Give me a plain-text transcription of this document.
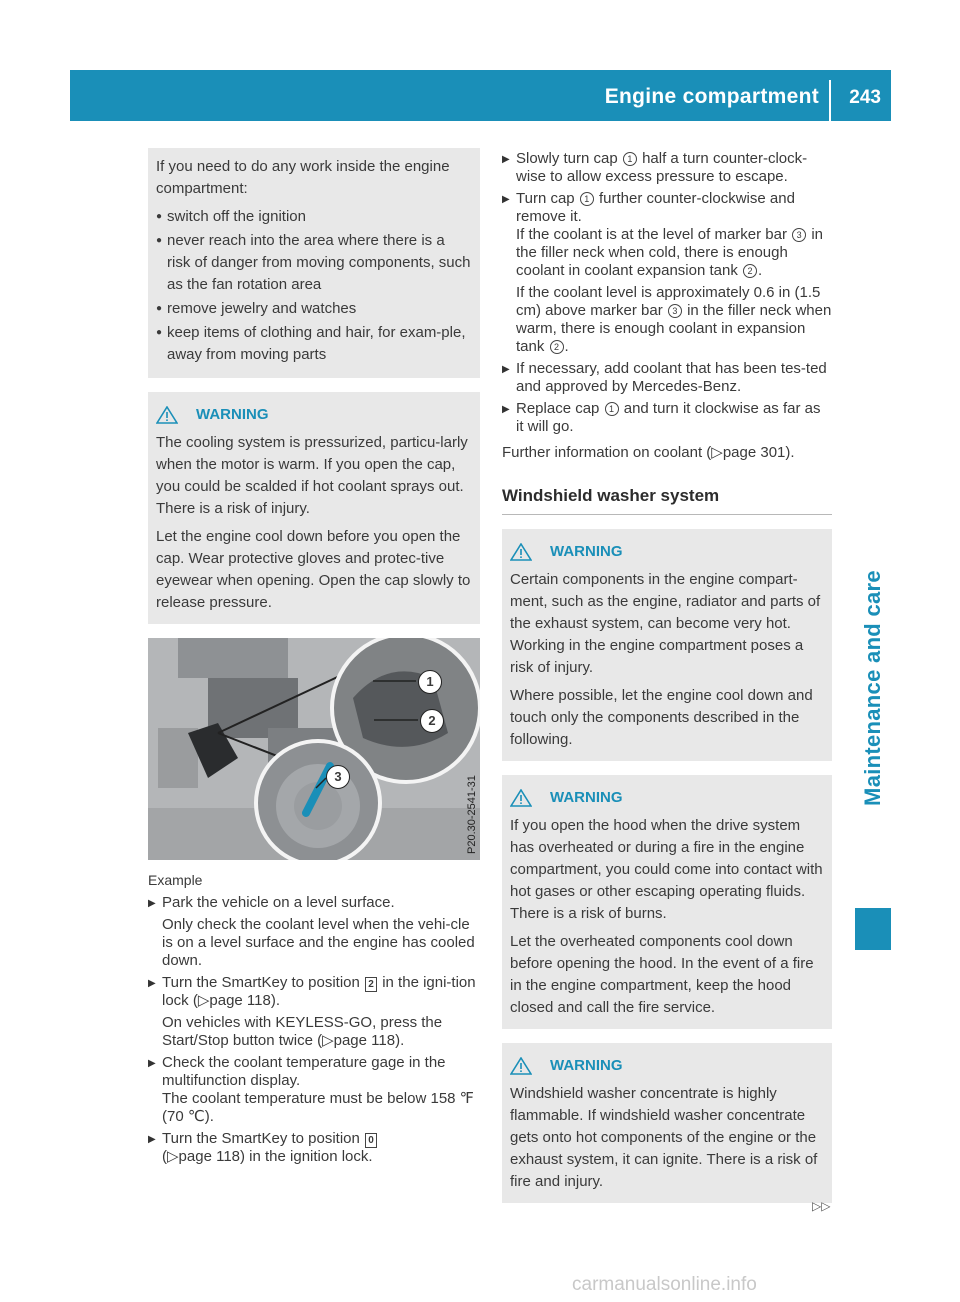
Engine compartment 243
Maintenance and care

If you need to do any work inside the engine compartment:

● switch off the ignition
● never reach into the area where there is a risk of danger from moving components, such as the fan rotation area
● remove jewelry and watches
● keep items of clothing and hair, for exam-ple, away from moving parts
WARNING

The cooling system is pressurized, particu-larly when the motor is warm. If you open the cap, you could be scalded if hot coolant sprays out. There is a risk of injury.

Let the engine cool down before you open the cap. Wear protective gloves and protec-tive eyewear when opening. Open the cap slowly to release pressure.

1
2
3	P20.30-2541-31
Example
▶ Park the vehicle on a level surface.

Only check the coolant level when the vehi-cle is on a level surface and the engine has cooled down.

▶ Turn the SmartKey to position 2 in the igni-tion lock (▷page 118).

On vehicles with KEYLESS-GO, press the Start/Stop button twice (▷page 118).

▶ Check the coolant temperature gage in the multifunction display.

The coolant temperature must be below 158 ℉ (70 ℃).

▶ Turn the SmartKey to position 0
(▷page 118) in the ignition lock.

▶ Slowly turn cap 1 half a turn counter-clock-wise to allow excess pressure to escape.

▶ Turn cap 1 further counter-clockwise and remove it.

If the coolant is at the level of marker bar 3 in the filler neck when cold, there is enough coolant in coolant expansion tank 2 .

If the coolant level is approximately 0.6 in (1.5 cm) above marker bar 3 in the filler neck when warm, there is enough coolant in expansion tank 2 .

▶ If necessary, add coolant that has been tes-ted and approved by Mercedes-Benz.

▶ Replace cap 1 and turn it clockwise as far as it will go.

Further information on coolant (▷page 301).

Windshield washer system
WARNING

Certain components in the engine compart-ment, such as the engine, radiator and parts of the exhaust system, can become very hot. Working in the engine compartment poses a risk of injury.

Where possible, let the engine cool down and touch only the components described in the following.

WARNING

If you open the hood when the drive system has overheated or during a fire in the engine compartment, you could come into contact with hot gases or other escaping operating fluids. There is a risk of burns.

Let the overheated components cool down before opening the hood. In the event of a fire in the engine compartment, keep the hood closed and call the fire service.

WARNING

Windshield washer concentrate is highly flammable. If windshield washer concentrate gets onto hot components of the engine or the exhaust system, it can ignite. There is a risk of fire and injury.

▷▷
carmanualsonline.info
